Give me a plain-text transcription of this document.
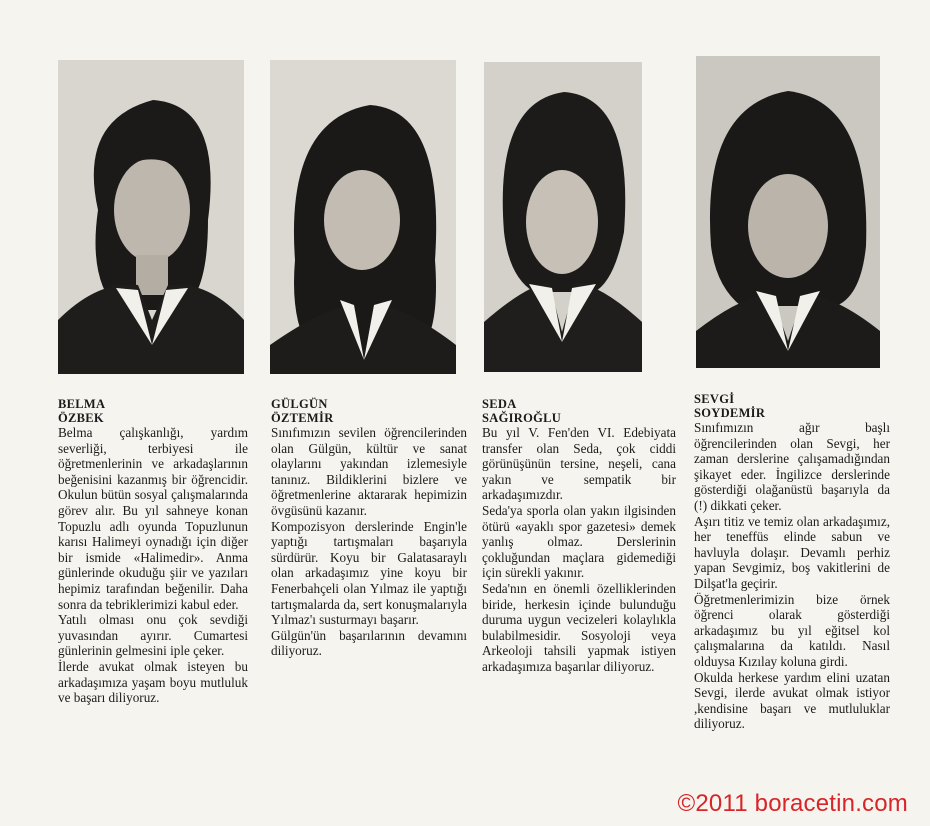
BELMA

ÖZBEK

Belma çalışkanlığı, yardım severliği, terbiyesi ile öğretmenlerinin ve arkadaşlarının beğenisini kazanmış bir öğrencidir. Okulun bütün sosyal çalışmalarında görev alır. Bu yıl sahneye konan Topuzlu adlı oyunda Topuzlunun karısı Halimeyi oynadığı için diğer bir ismide «Halimedir». Anma günlerinde okuduğu şiir ve yazıları hepimiz tarafından beğenilir. Daha sonra da tebriklerimizi kabul eder.
Yatılı olması onu çok sevdiği yuvasından ayırır. Cumartesi günlerinin gelmesini iple çeker.
İlerde avukat olmak isteyen bu arkadaşımıza yaşam boyu mutluluk ve başarı diliyoruz.

GÜLGÜN

ÖZTEMİR

Sınıfımızın sevilen öğrencilerinden olan Gülgün, kültür ve sanat olaylarını yakından izlemesiyle tanınız. Bildiklerini bizlere ve öğretmenlerine aktararak hepimizin övgüsünü kazanır.
Kompozisyon derslerinde Engin'le yaptığı tartışmaları başarıyla sürdürür. Koyu bir Galatasaraylı olan arkadaşımız yine koyu bir Fenerbahçeli olan Yılmaz ile yaptığı tartışmalarda da, sert konuşmalarıyla Yılmaz'ı susturmayı başarır.
Gülgün'ün başarılarının devamını diliyoruz.

SEDA

SAĞIROĞLU

Bu yıl V. Fen'den VI. Edebiyata transfer olan Seda, çok ciddi görünüşünün tersine, neşeli, cana yakın ve sempatik bir arkadaşımızdır.
Seda'ya sporla olan yakın ilgisinden ötürü «ayaklı spor gazetesi» demek yanlış olmaz. Derslerinin çokluğundan maçlara gidemediği için sürekli yakınır.
Seda'nın en önemli özelliklerinden biride, herkesin içinde bulunduğu duruma uygun vecizeleri kolaylıkla bulabilmesidir. Sosyoloji veya Arkeoloji tahsili yapmak istiyen arkadaşımıza başarılar diliyoruz.

SEVGİ

SOYDEMİR

Sınıfımızın ağır başlı öğrencilerinden olan Sevgi, her zaman derslerine çalışamadığından şikayet eder. İngilizce derslerinde gösterdiği olağanüstü başarıyla da (!) dikkati çeker.
Aşırı titiz ve temiz olan arkadaşımız, her teneffüs elinde sabun ve havluyla dolaşır. Devamlı perhiz yapan Sevgimiz, boş vakitlerini de Dilşat'la geçirir.
Öğretmenlerimizin bize örnek öğrenci olarak gösterdiği arkadaşımız bu yıl eğitsel kol çalışmalarına da katıldı. Nasıl olduysa Kızılay koluna girdi.
Okulda herkese yardım elini uzatan Sevgi, ilerde avukat olmak istiyor ,kendisine başarı ve mutluluklar diliyoruz.

©2011 boracetin.com
